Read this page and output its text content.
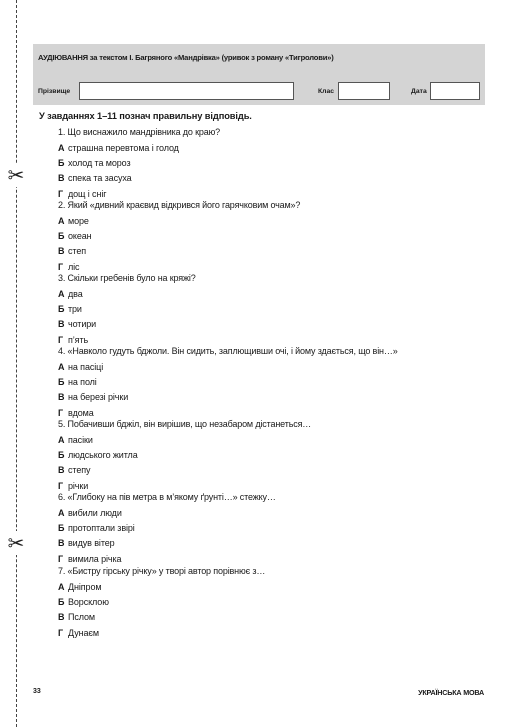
✂
✂
АУДІЮВАННЯ за текстом І. Багряного «Мандрівка» (уривок з роману «Тигролови»)
Прізвище	Клас	Дата
У завданнях 1–11 познач правильну відповідь.
1. Що виснажило мандрівника до краю?
А страшна перевтома і голод
Б холод та мороз
В спека та засуха
Г дощ і сніг
2. Який «дивний краєвид відкрився його гарячковим очам»?
А море
Б океан
В степ
Г ліс
3. Скільки гребенів було на кряжі?
А два
Б три
В чотири
Г п’ять
4. «Навколо гудуть бджоли. Він сидить, заплющивши очі, і йому здається, що він…»
А на пасіці
Б на полі
В на березі річки
Г вдома
5. Побачивши бджіл, він вирішив, що незабаром дістанеться…
А пасіки
Б людського житла
В степу
Г річки
6. «Глибоку на пів метра в м’якому ґрунті…» стежку…
А вибили люди
Б протоптали звірі
В видув вітер
Г вимила річка
7. «Бистру гірську річку» у творі автор порівнює з…
А Дніпром
Б Ворсклою
В Пслом
Г Дунаєм
33	УКРАЇНСЬКА МОВА
